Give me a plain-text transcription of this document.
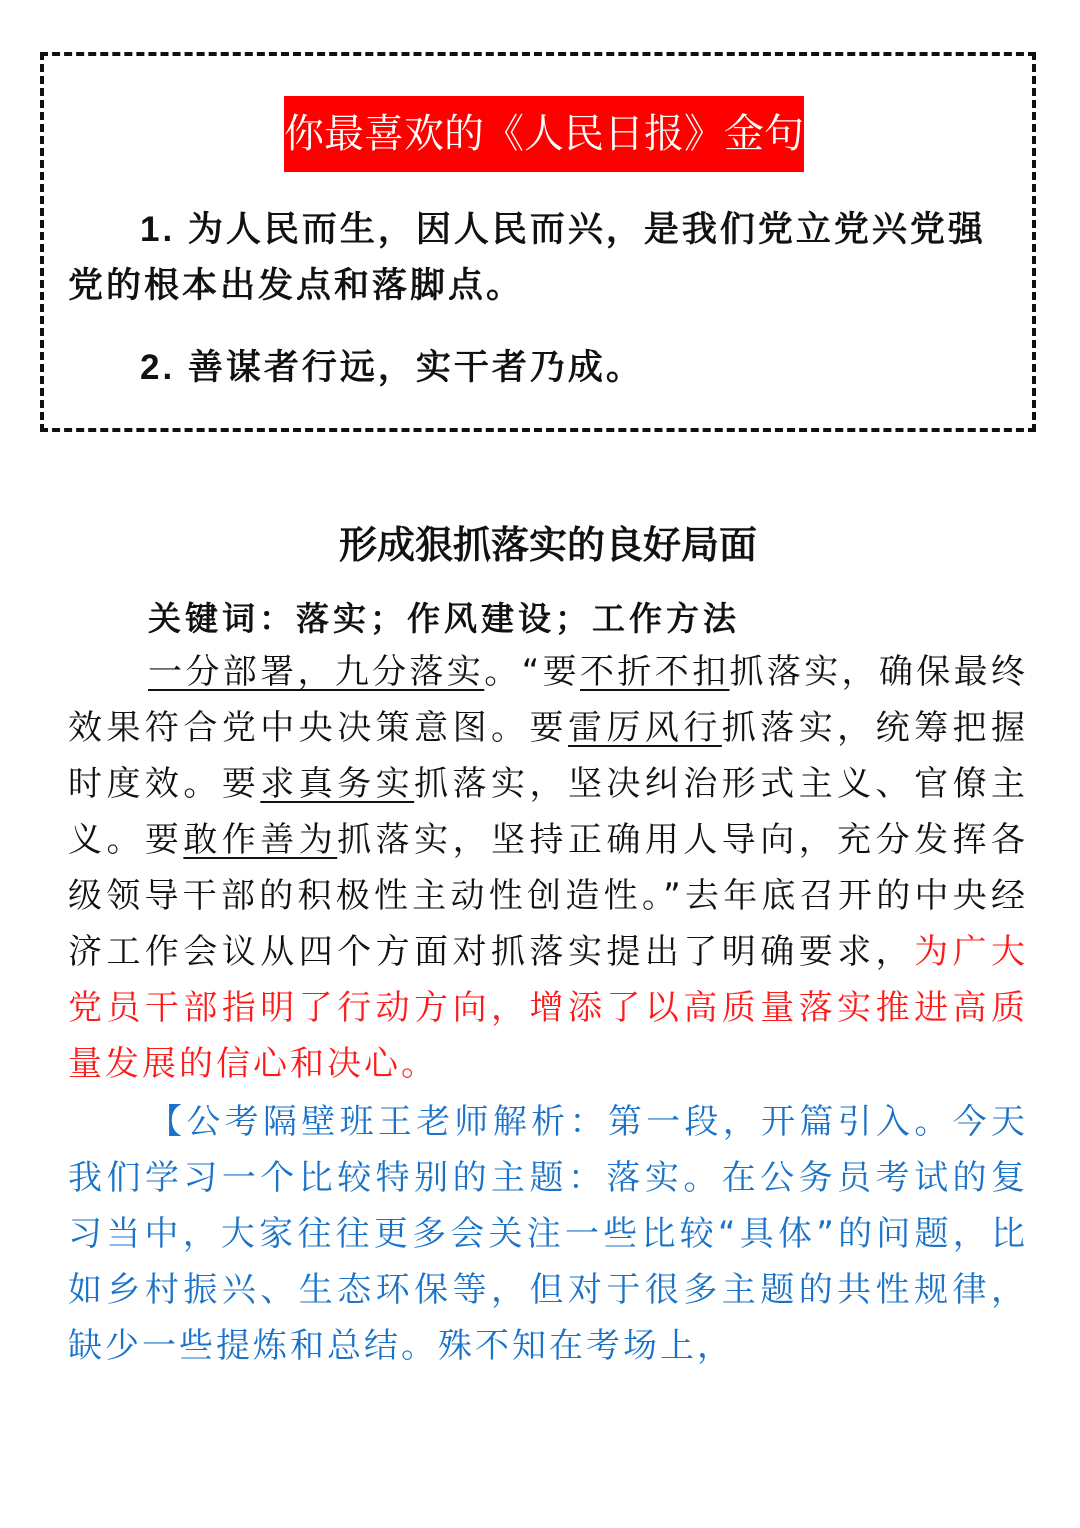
你最喜欢的《人民日报》金句
1. 为人民而生，因人民而兴，是我们党立党兴党强党的根本出发点和落脚点。
2. 善谋者行远，实干者乃成。
形成狠抓落实的良好局面

关键词：落实；作风建设；工作方法

一分部署，九分落实。“要不折不扣抓落实，确保最终效果符合党中央决策意图。要雷厉风行抓落实，统筹把握时度效。要求真务实抓落实，坚决纠治形式主义、官僚主义。要敢作善为抓落实，坚持正确用人导向，充分发挥各级领导干部的积极性主动性创造性。”去年底召开的中央经济工作会议从四个方面对抓落实提出了明确要求，为广大党员干部指明了行动方向，增添了以高质量落实推进高质量发展的信心和决心。

【公考隔壁班王老师解析：第一段，开篇引入。今天我们学习一个比较特别的主题：落实。在公务员考试的复习当中，大家往往更多会关注一些比较“具体”的问题，比如乡村振兴、生态环保等，但对于很多主题的共性规律，缺少一些提炼和总结。殊不知在考场上，
